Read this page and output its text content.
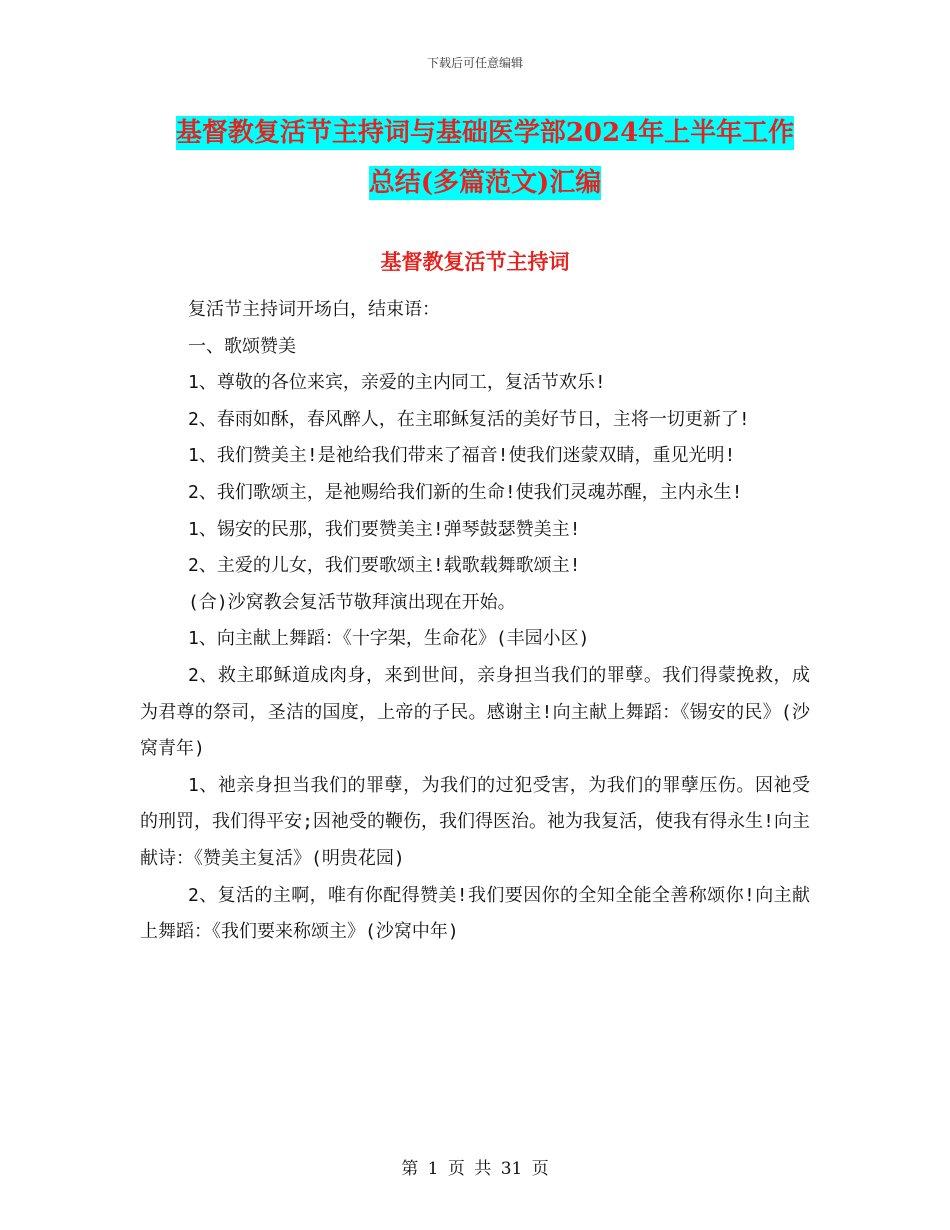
下载后可任意编辑
基督教复活节主持词与基础医学部2024年上半年工作
总结(多篇范文)汇编
基督教复活节主持词

复活节主持词开场白，结束语：

一、歌颂赞美

1、尊敬的各位来宾，亲爱的主内同工，复活节欢乐!

2、春雨如酥，春风醉人，在主耶稣复活的美好节日，主将一切更新了!

1、我们赞美主!是祂给我们带来了福音!使我们迷蒙双睛，重见光明!

2、我们歌颂主，是祂赐给我们新的生命!使我们灵魂苏醒，主内永生!

1、锡安的民那，我们要赞美主!弹琴鼓瑟赞美主!

2、主爱的儿女，我们要歌颂主!载歌载舞歌颂主!

(合)沙窝教会复活节敬拜演出现在开始。

1、向主献上舞蹈：《十字架，生命花》(丰园小区)

2、救主耶稣道成肉身，来到世间，亲身担当我们的罪孽。我们得蒙挽救，成为君尊的祭司，圣洁的国度，上帝的子民。感谢主!向主献上舞蹈：《锡安的民》(沙窝青年)

1、祂亲身担当我们的罪孽，为我们的过犯受害，为我们的罪孽压伤。因祂受的刑罚，我们得平安;因祂受的鞭伤，我们得医治。祂为我复活，使我有得永生!向主献诗：《赞美主复活》(明贵花园)

2、复活的主啊，唯有你配得赞美!我们要因你的全知全能全善称颂你!向主献上舞蹈：《我们要来称颂主》(沙窝中年)

第 1 页 共 31 页
